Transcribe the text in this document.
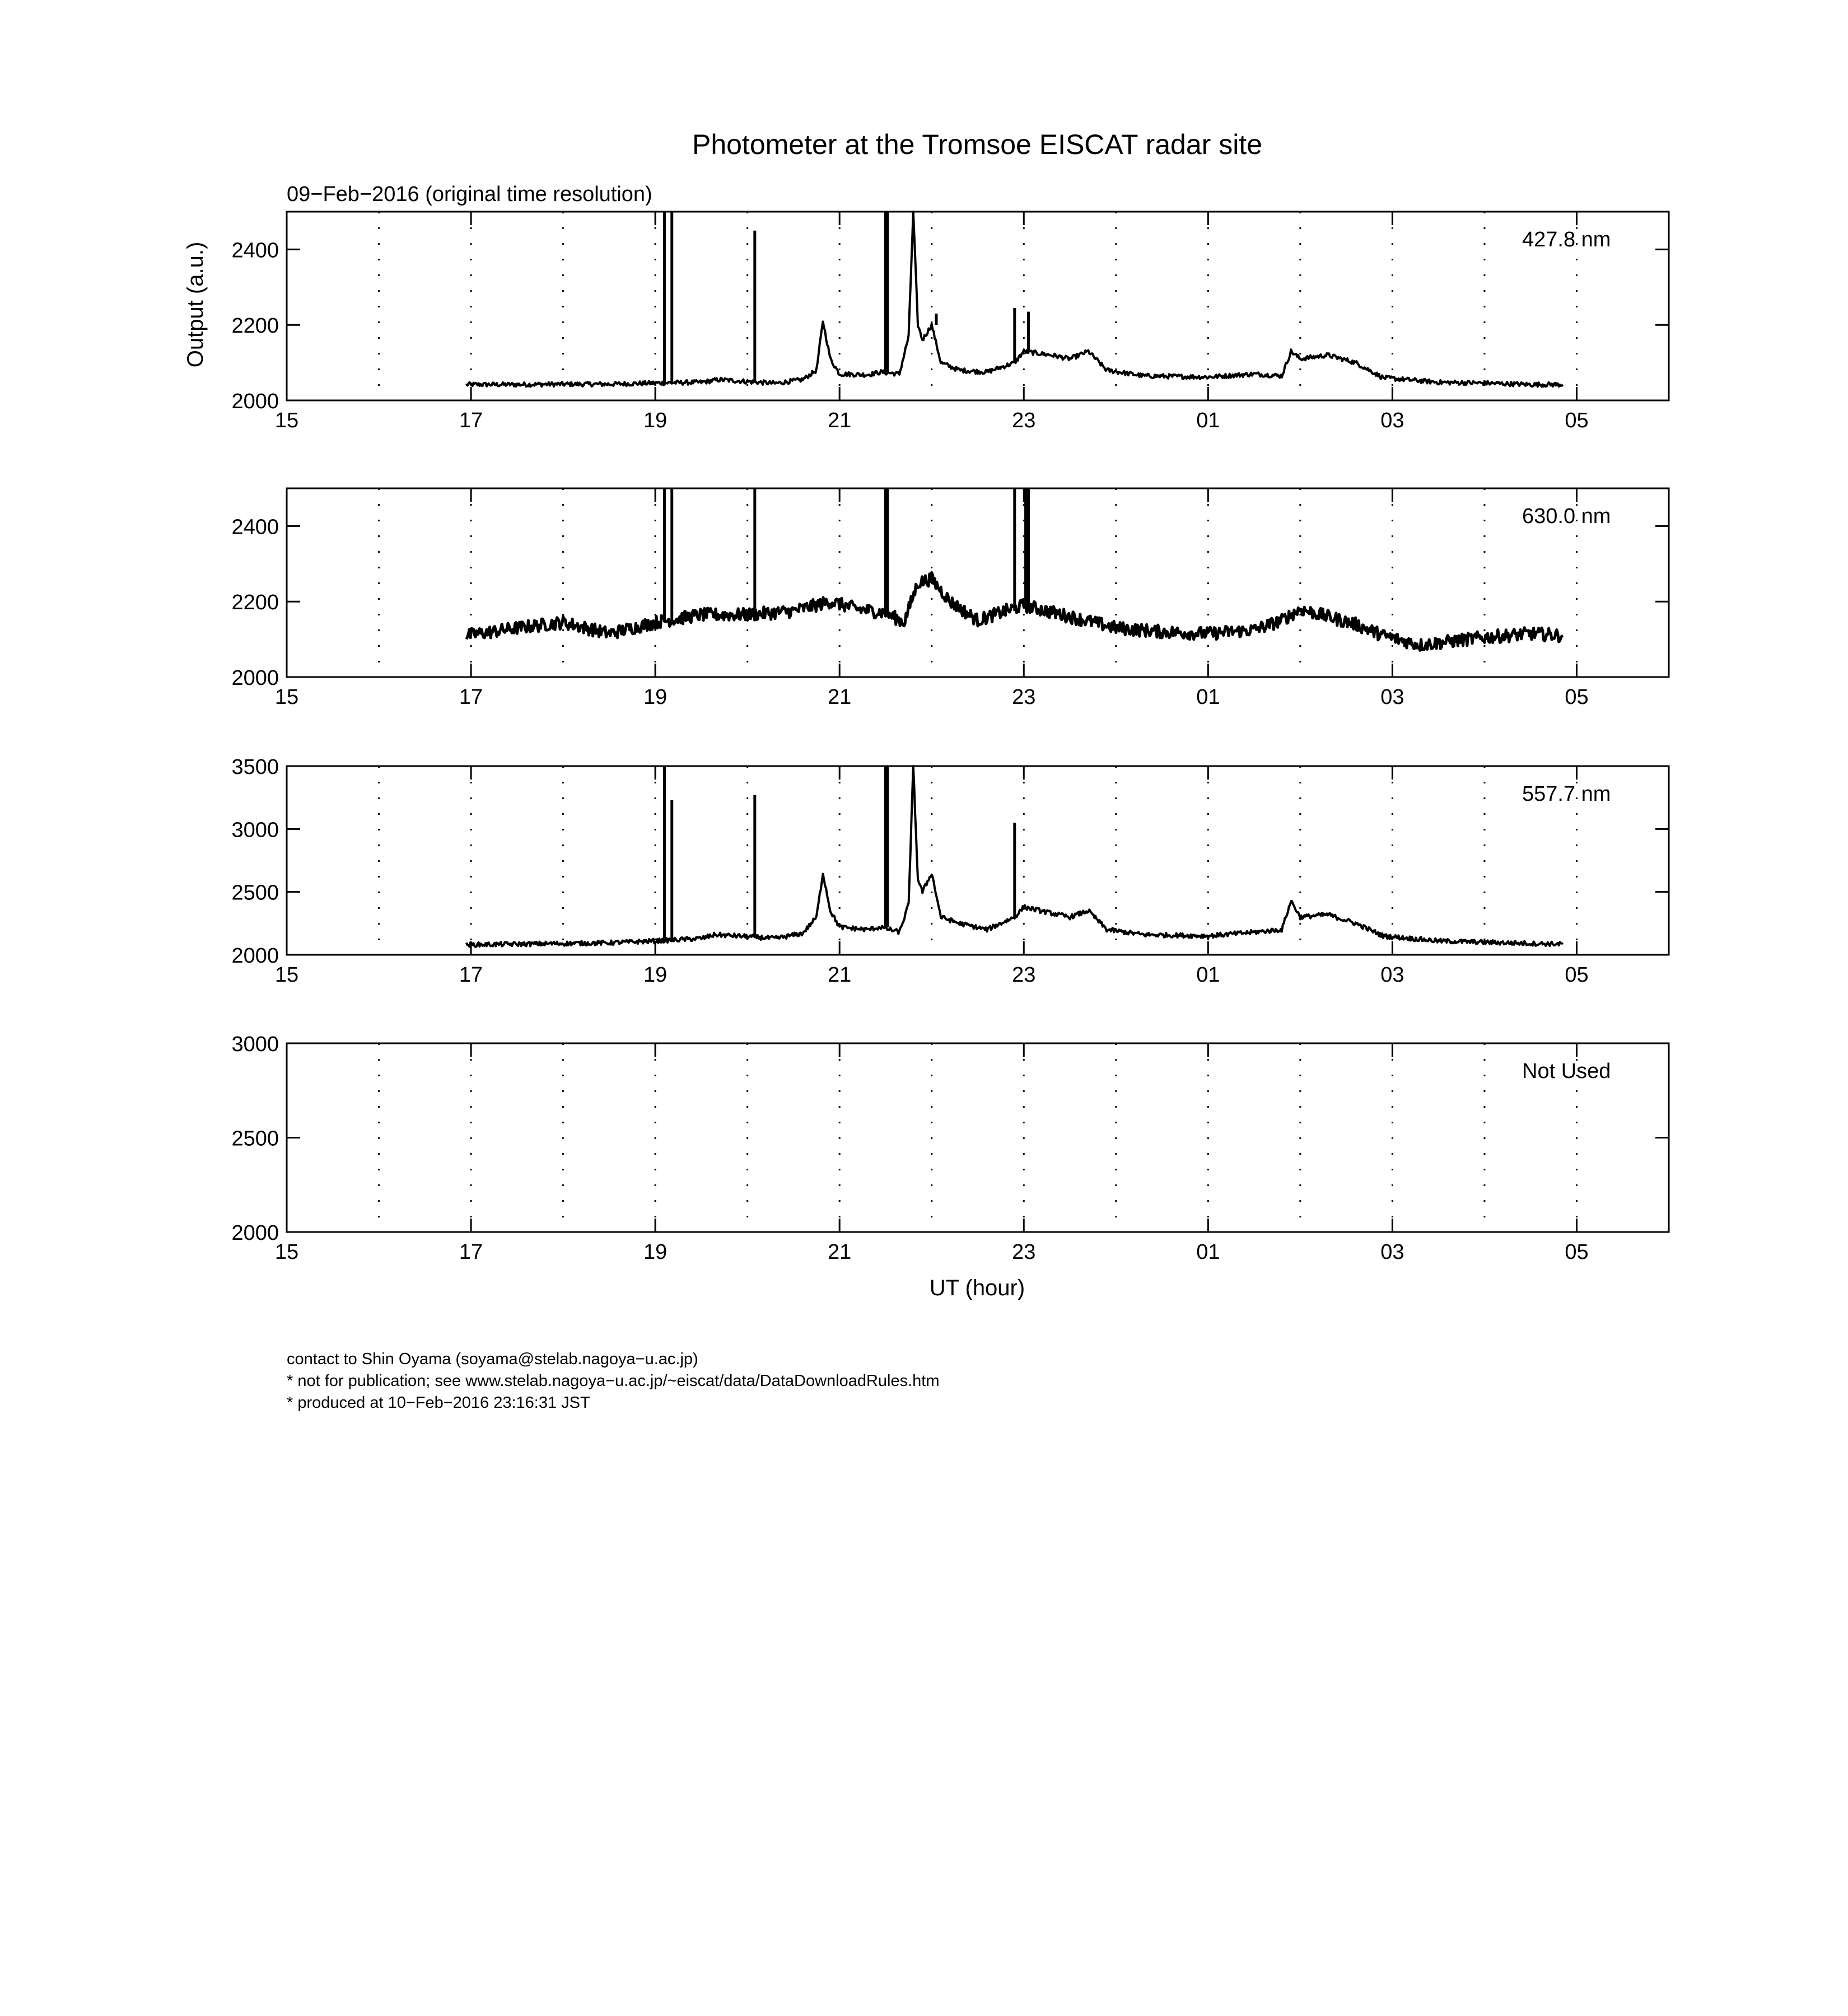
Photometer at the Tromsoe EISCAT radar site
09−Feb−2016 (original time resolution)
Output (a.u.)
15	17	19	21	23	01	03	05
2000
2200
2400	427.8 nm
15	17	19	21	23	01	03	05
2000
2200
2400	630.0 nm
15	17	19	21	23	01	03	05
2000
2500
3000
3500
557.7 nm
15	17	19	21	23	01	03	05
2000
2500
3000
Not Used
UT (hour)
contact to Shin Oyama (soyama@stelab.nagoya−u.ac.jp)
* not for publication; see www.stelab.nagoya−u.ac.jp/~eiscat/data/DataDownloadRules.htm
* produced at 10−Feb−2016 23:16:31 JST
